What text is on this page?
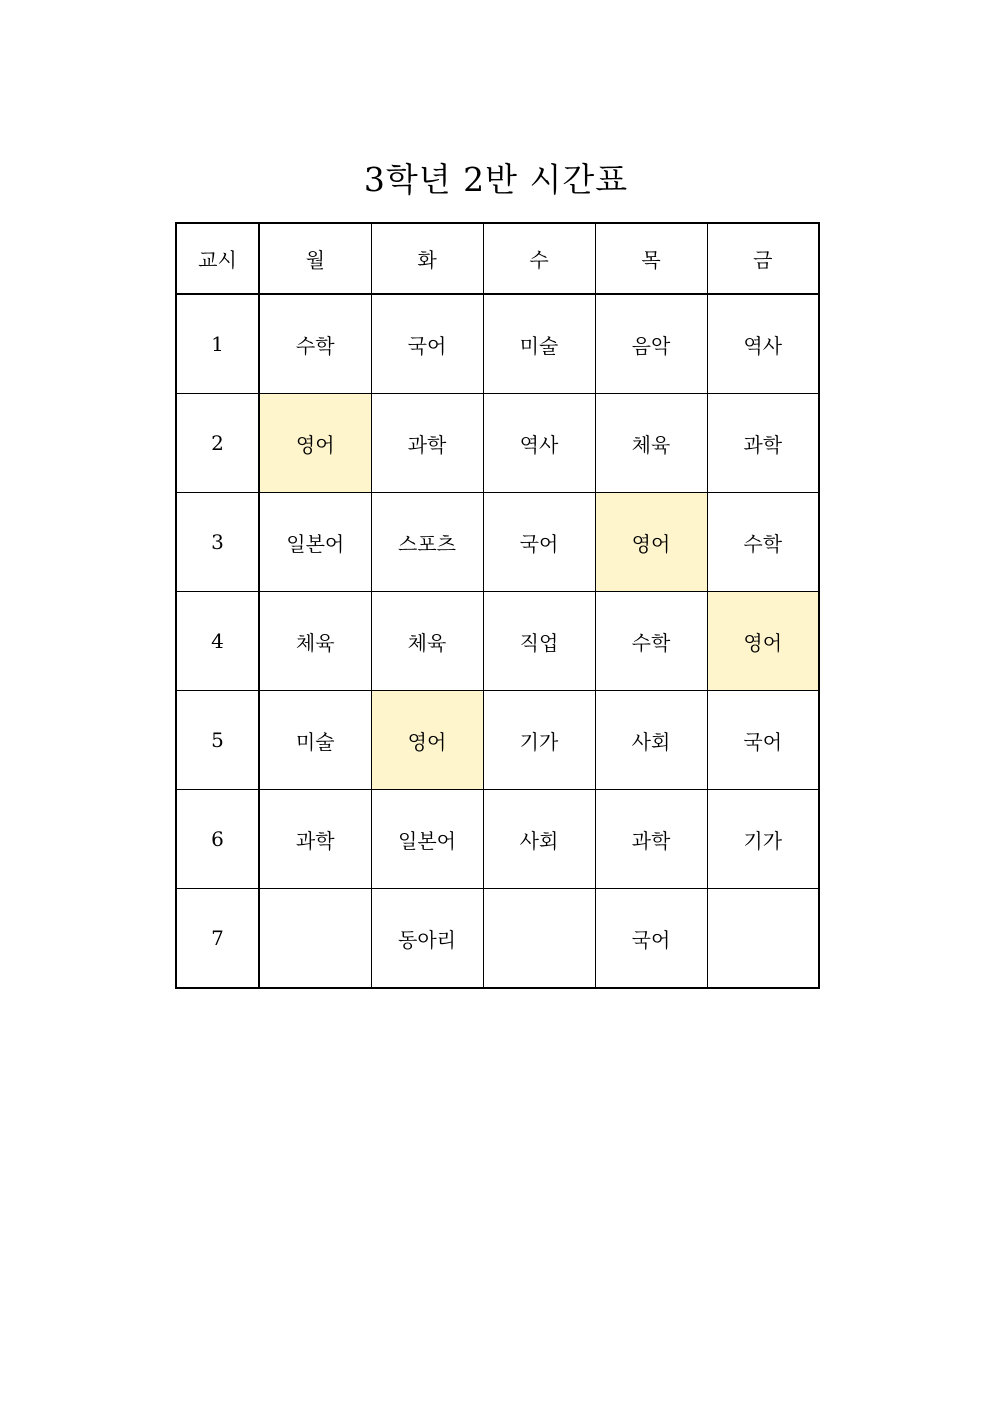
3학년 2반 시간표
교시	월	화	수	목	금
1	수학	국어	미술	음악	역사
2	영어	과학	역사	체육	과학
3	일본어	스포츠	국어	영어	수학
4	체육	체육	직업	수학	영어
5	미술	영어	기가	사회	국어
6	과학	일본어	사회	과학	기가
7		동아리		국어	
